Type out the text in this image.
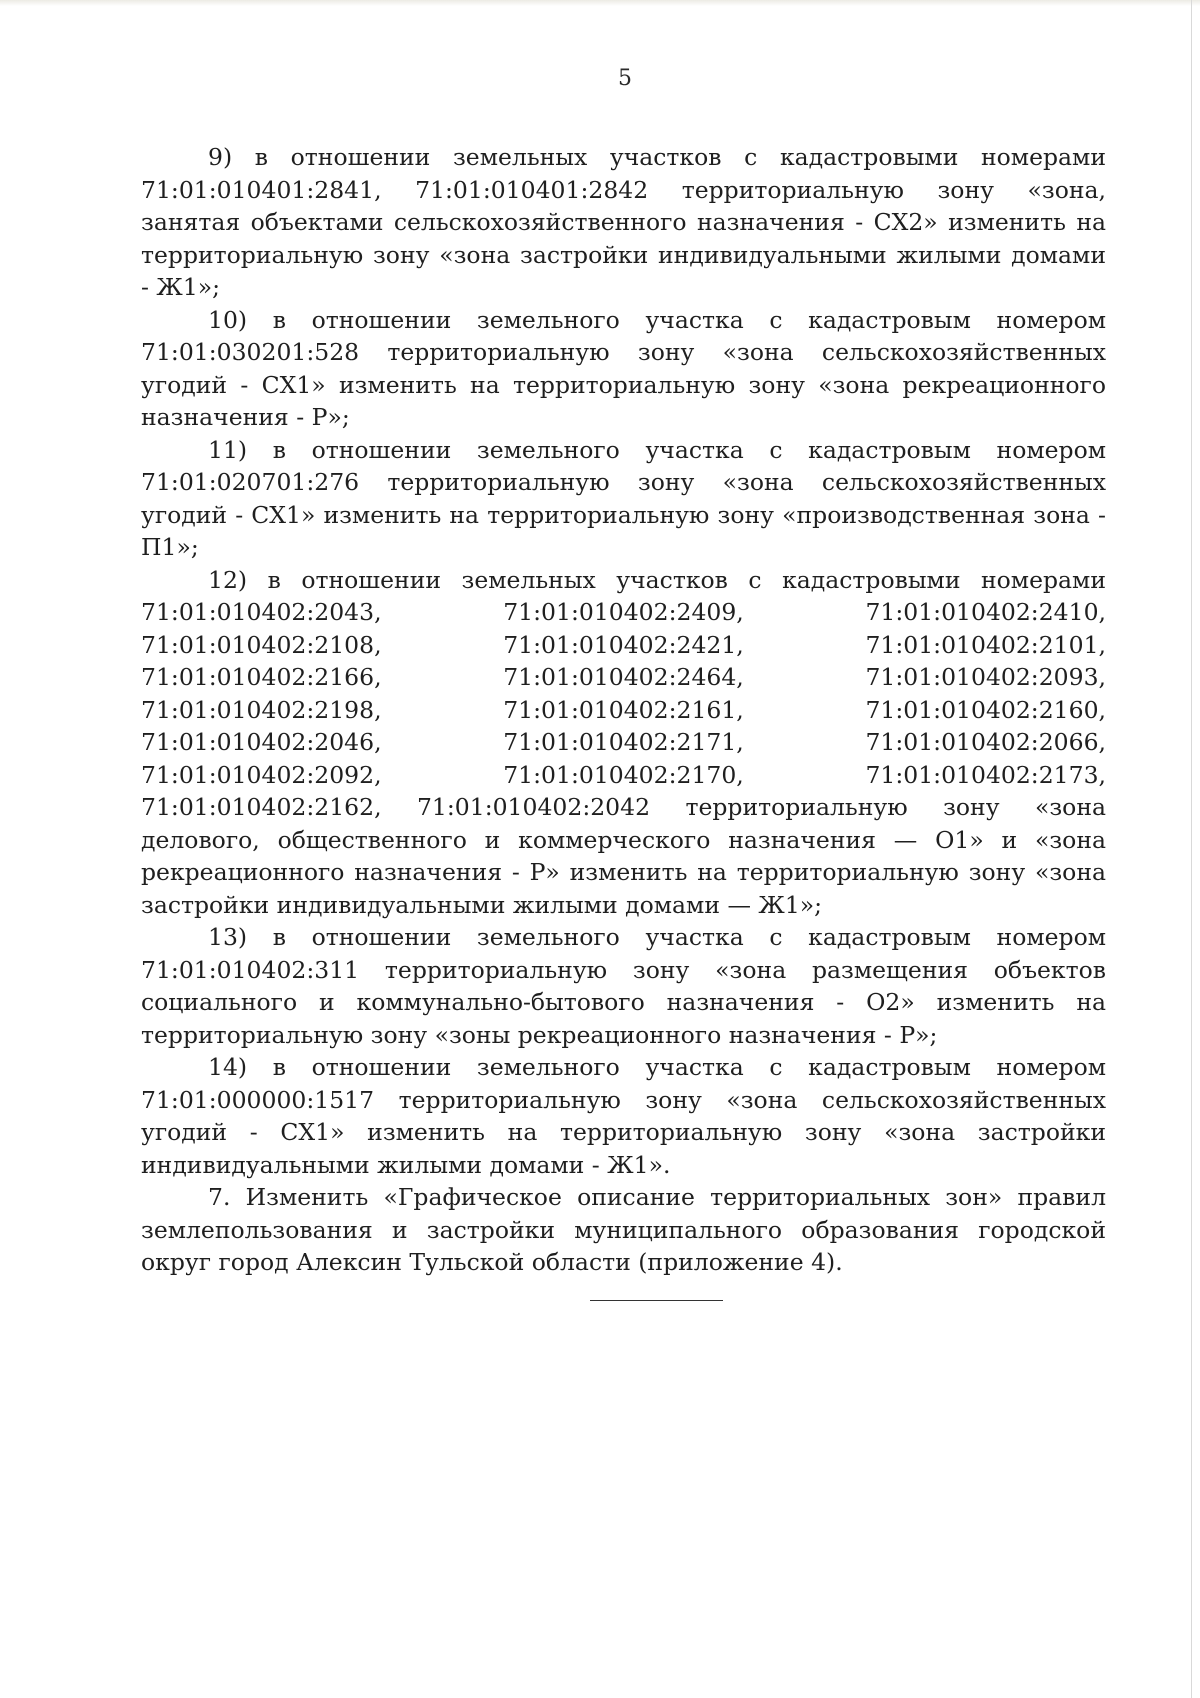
5

9) в отношении земельных участков с кадастровыми номерами 71:01:010401:2841, 71:01:010401:2842 территориальную зону «зона, занятая объектами сельскохозяйственного назначения - СХ2» изменить на территориальную зону «зона застройки индивидуальными жилыми домами - Ж1»;

10) в отношении земельного участка с кадастровым номером 71:01:030201:528 территориальную зону «зона сельскохозяйственных угодий - СХ1» изменить на территориальную зону «зона рекреационного назначения - Р»;

11) в отношении земельного участка с кадастровым номером 71:01:020701:276 территориальную зону «зона сельскохозяйственных угодий - СХ1» изменить на территориальную зону «производственная зона - П1»;

12) в отношении земельных участков с кадастровыми номерами 71:01:010402:2043, 71:01:010402:2409, 71:01:010402:2410, 71:01:010402:2108, 71:01:010402:2421, 71:01:010402:2101, 71:01:010402:2166, 71:01:010402:2464, 71:01:010402:2093, 71:01:010402:2198, 71:01:010402:2161, 71:01:010402:2160, 71:01:010402:2046, 71:01:010402:2171, 71:01:010402:2066, 71:01:010402:2092, 71:01:010402:2170, 71:01:010402:2173, 71:01:010402:2162, 71:01:010402:2042 территориальную зону «зона делового, общественного и коммерческого назначения — О1» и «зона рекреационного назначения - Р» изменить на территориальную зону «зона застройки индивидуальными жилыми домами — Ж1»;

13) в отношении земельного участка с кадастровым номером 71:01:010402:311 территориальную зону «зона размещения объектов социального и коммунально-бытового назначения - О2» изменить на территориальную зону «зоны рекреационного назначения - Р»;

14) в отношении земельного участка с кадастровым номером 71:01:000000:1517 территориальную зону «зона сельскохозяйственных угодий - СХ1» изменить на территориальную зону «зона застройки индивидуальными жилыми домами - Ж1».

7. Изменить «Графическое описание территориальных зон» правил землепользования и застройки муниципального образования городской округ город Алексин Тульской области (приложение 4).
